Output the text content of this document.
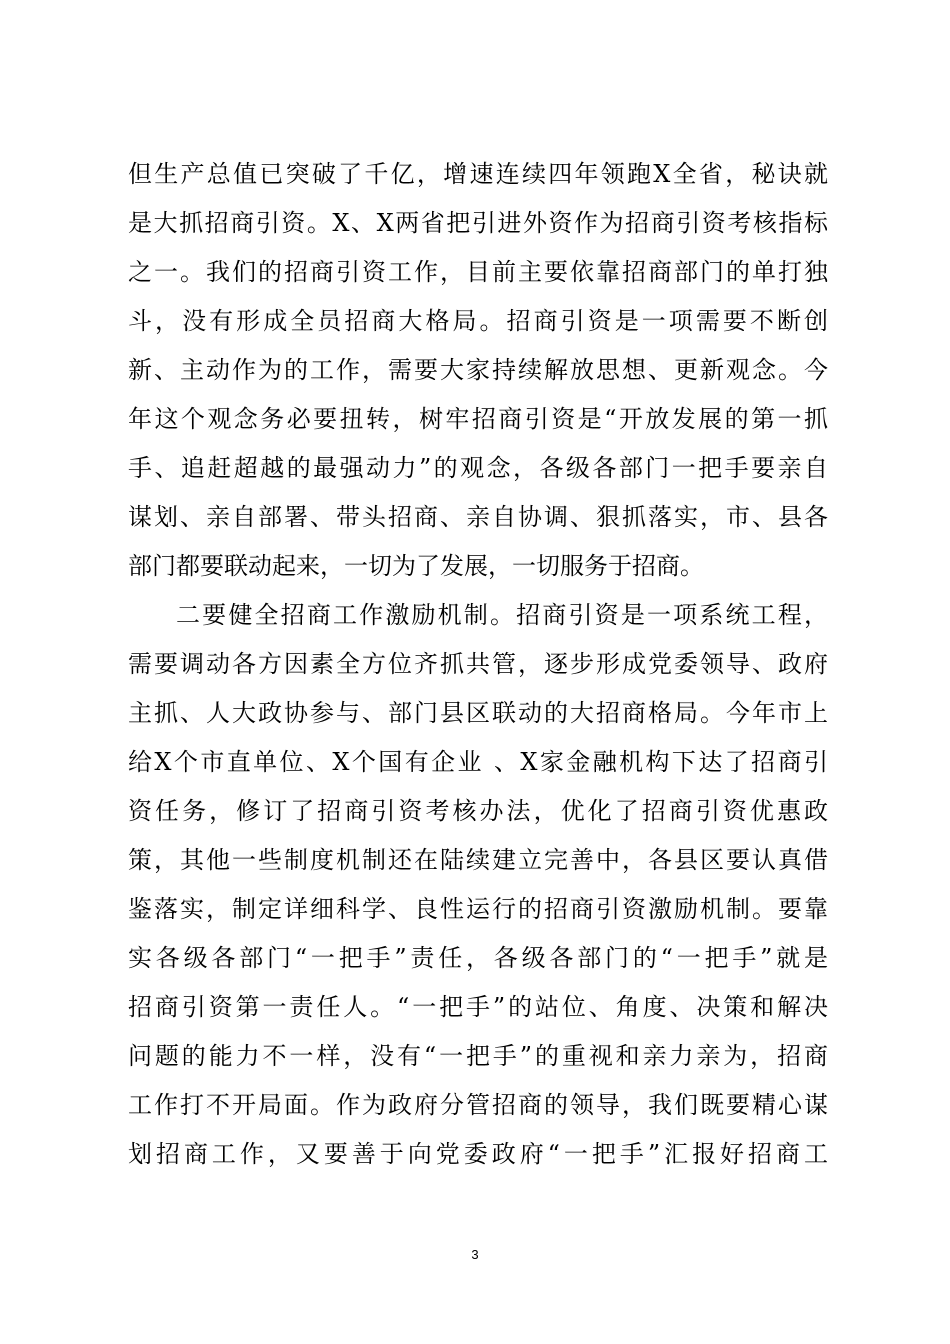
但生产总值已突破了千亿，增速连续四年领跑X全省，秘诀就
是大抓招商引资。X、X两省把引进外资作为招商引资考核指标
之一。我们的招商引资工作，目前主要依靠招商部门的单打独
斗，没有形成全员招商大格局。招商引资是一项需要不断创
新、主动作为的工作，需要大家持续解放思想、更新观念。今
年这个观念务必要扭转，树牢招商引资是“开放发展的第一抓
手、追赶超越的最强动力”的观念，各级各部门一把手要亲自
谋划、亲自部署、带头招商、亲自协调、狠抓落实，市、县各
部门都要联动起来，一切为了发展，一切服务于招商。
二要健全招商工作激励机制。招商引资是一项系统工程，
需要调动各方因素全方位齐抓共管，逐步形成党委领导、政府
主抓、人大政协参与、部门县区联动的大招商格局。今年市上
给X个市直单位、X个国有企业 、X家金融机构下达了招商引
资任务，修订了招商引资考核办法，优化了招商引资优惠政
策，其他一些制度机制还在陆续建立完善中，各县区要认真借
鉴落实，制定详细科学、良性运行的招商引资激励机制。要靠
实各级各部门“一把手”责任，各级各部门的“一把手”就是
招商引资第一责任人。“一把手”的站位、角度、决策和解决
问题的能力不一样，没有“一把手”的重视和亲力亲为，招商
工作打不开局面。作为政府分管招商的领导，我们既要精心谋
划招商工作，又要善于向党委政府“一把手”汇报好招商工
3
